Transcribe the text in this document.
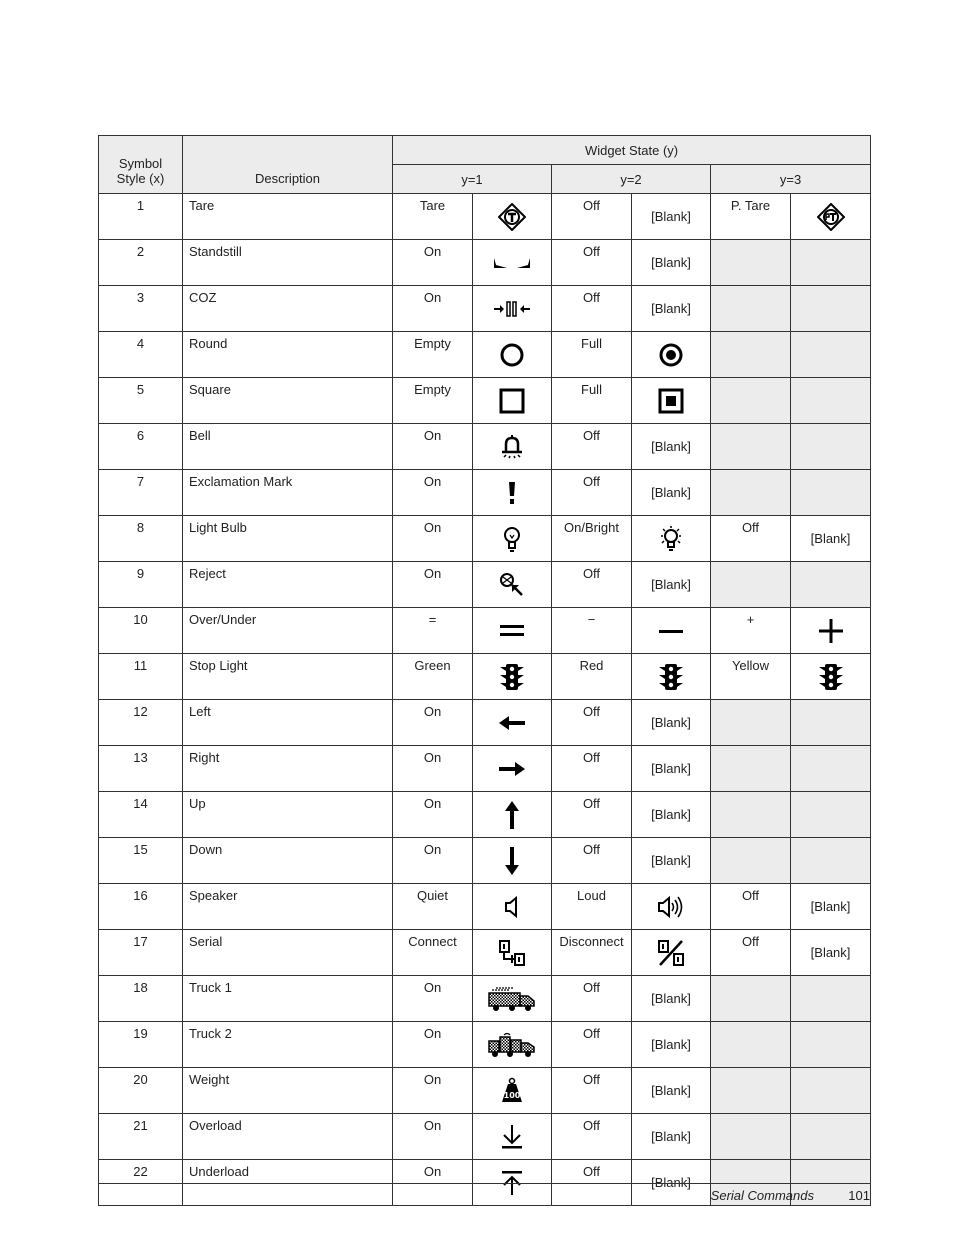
Symbol
Style (x)	Description	Widget State (y)					
		y=1		y=2		y=3	
1	Tare	Tare		Off	[Blank]	P. Tare	
2	Standstill	On		Off	[Blank]		
3	COZ	On		Off	[Blank]		
4	Round	Empty		Full			
5	Square	Empty		Full			
6	Bell	On		Off	[Blank]		
7	Exclamation Mark	On		Off	[Blank]		
8	Light Bulb	On		On/Bright		Off	[Blank]
9	Reject	On		Off	[Blank]		
10	Over/Under	=		−		+	
11	Stop Light	Green		Red		Yellow	
12	Left	On		Off	[Blank]		
13	Right	On		Off	[Blank]		
14	Up	On		Off	[Blank]		
15	Down	On		Off	[Blank]		
16	Speaker	Quiet		Loud		Off	[Blank]
17	Serial	Connect		Disconnect		Off	[Blank]
18	Truck 1	On		Off	[Blank]		
19	Truck 2	On		Off	[Blank]		
20	Weight	On	100	Off	[Blank]		
21	Overload	On		Off	[Blank]		
22	Underload	On		Off	[Blank]		
Serial Commands	101
